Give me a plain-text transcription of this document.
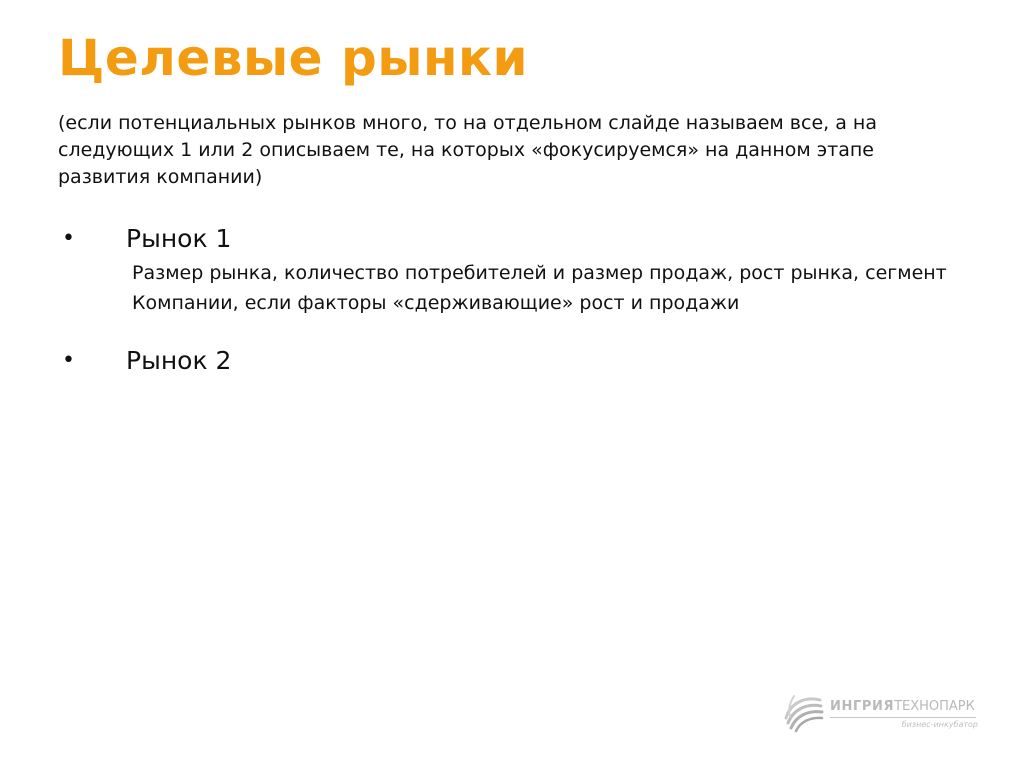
Целевые рынки

(если потенциальных рынков много, то на отдельном слайде называем все, а на следующих 1 или 2 описываем те, на которых «фокусируемся» на данном этапе развития компании)

• Рынок 1
Размер рынка, количество потребителей и размер продаж, рост рынка, сегмент Компании, если факторы «сдерживающие» рост и продажи
• Рынок 2
ИНГРИЯТЕХНОПАРК
бизнес-инкубатор
